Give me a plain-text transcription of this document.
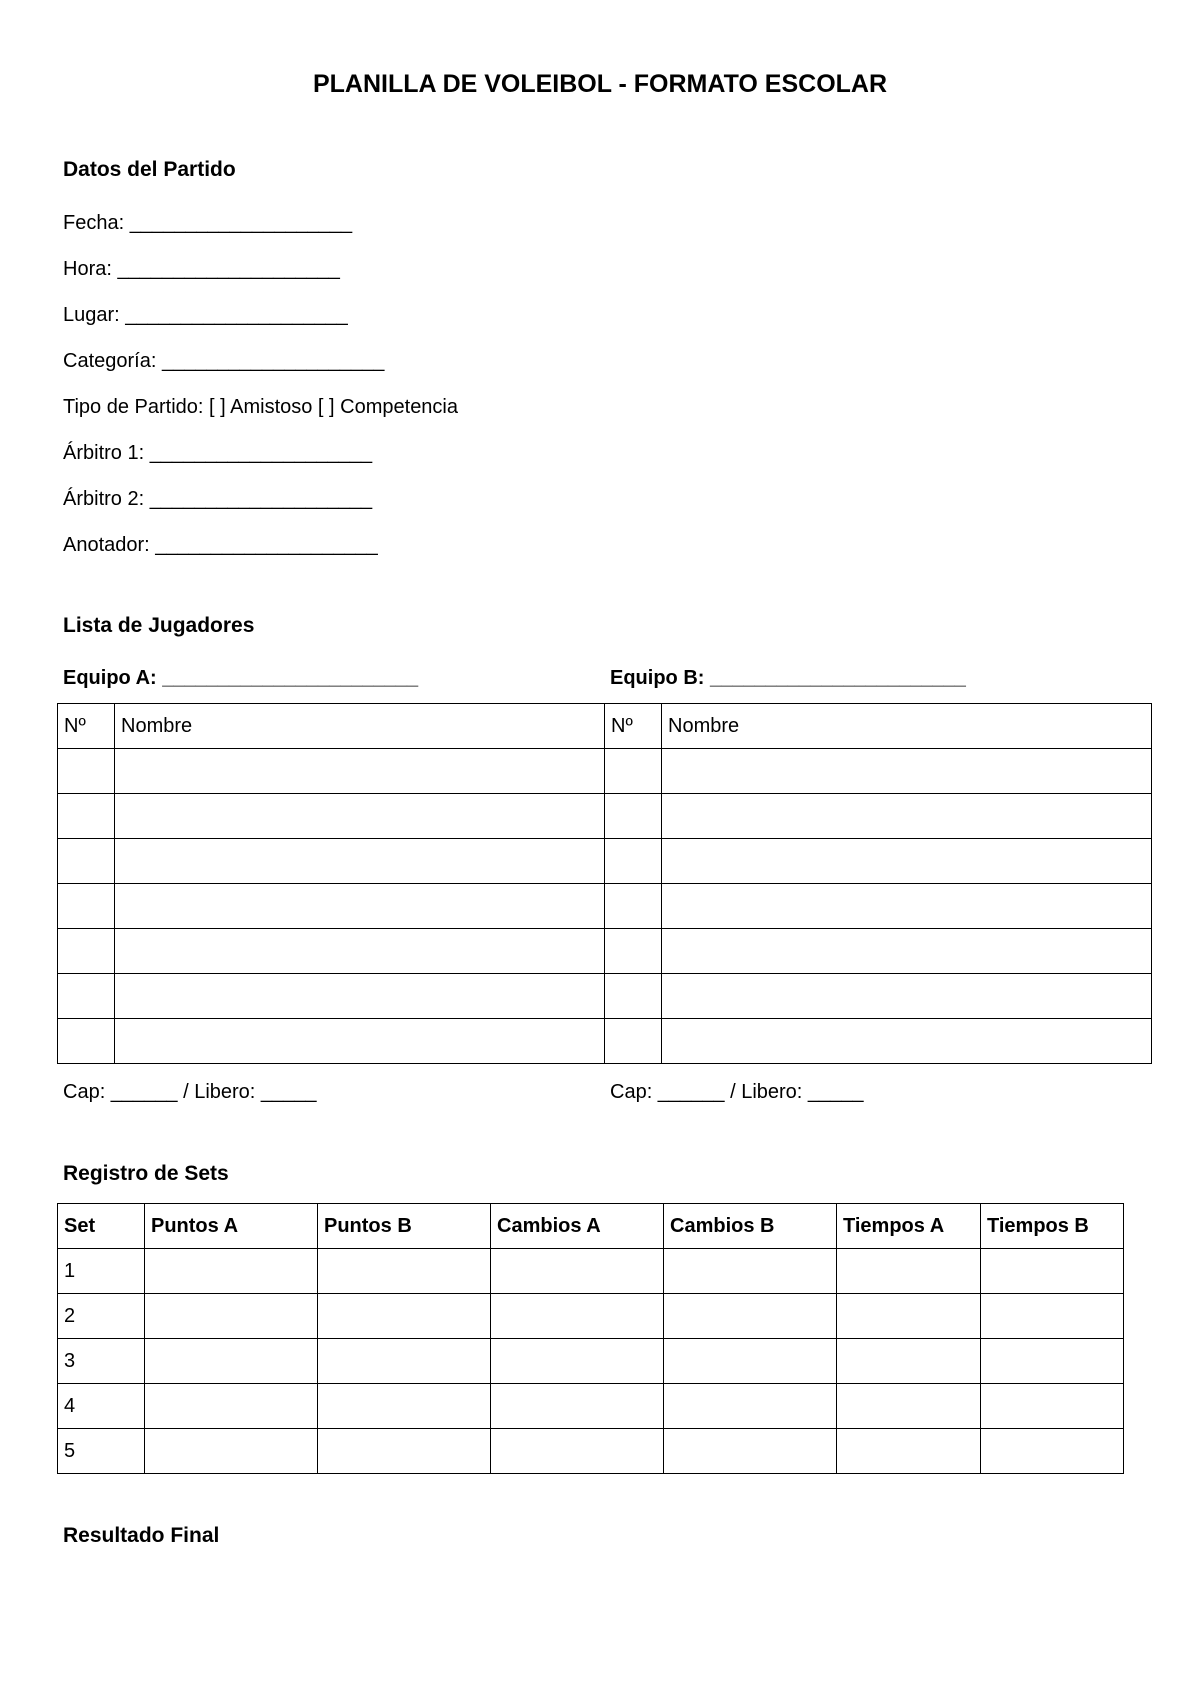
PLANILLA DE VOLEIBOL - FORMATO ESCOLAR
Datos del Partido
Fecha: ____________________
Hora: ____________________
Lugar: ____________________
Categoría: ____________________
Tipo de Partido: [ ] Amistoso [ ] Competencia
Árbitro 1: ____________________
Árbitro 2: ____________________
Anotador: ____________________
Lista de Jugadores
Equipo A: _______________________	Equipo B: _______________________
Nº	Nombre	Nº	Nombre

Cap: ______ / Libero: _____	Cap: ______ / Libero: _____
Registro de Sets
Set	Puntos A	Puntos B	Cambios A	Cambios B	Tiempos A	Tiempos B
1						
2						
3						
4						
5						
Resultado Final
